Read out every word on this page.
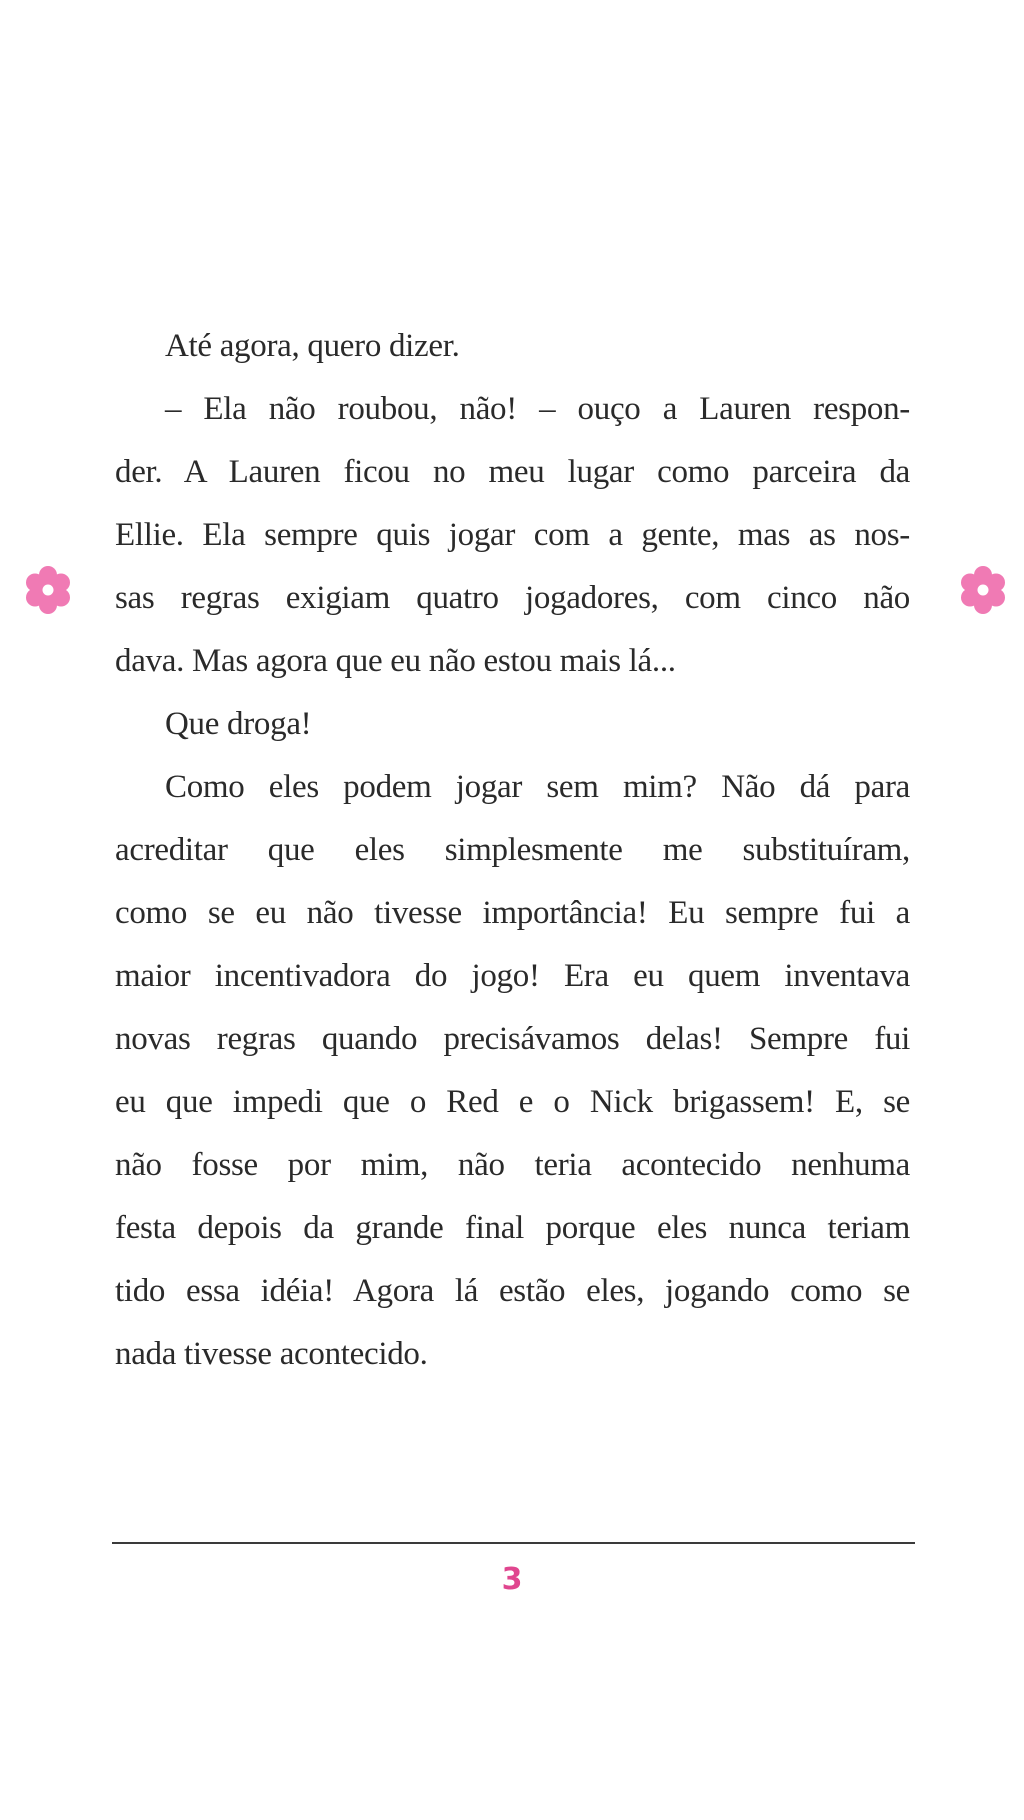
Até agora, quero dizer.
– Ela não roubou, não! – ouço a Lauren respon-
der. A Lauren ficou no meu lugar como parceira da
Ellie. Ela sempre quis jogar com a gente, mas as nos-
sas regras exigiam quatro jogadores, com cinco não
dava. Mas agora que eu não estou mais lá...
Que droga!
Como eles podem jogar sem mim? Não dá para
acreditar que eles simplesmente me substituíram,
como se eu não tivesse importância! Eu sempre fui a
maior incentivadora do jogo! Era eu quem inventava
novas regras quando precisávamos delas! Sempre fui
eu que impedi que o Red e o Nick brigassem! E, se
não fosse por mim, não teria acontecido nenhuma
festa depois da grande final porque eles nunca teriam
tido essa idéia! Agora lá estão eles, jogando como se
nada tivesse acontecido.
3
